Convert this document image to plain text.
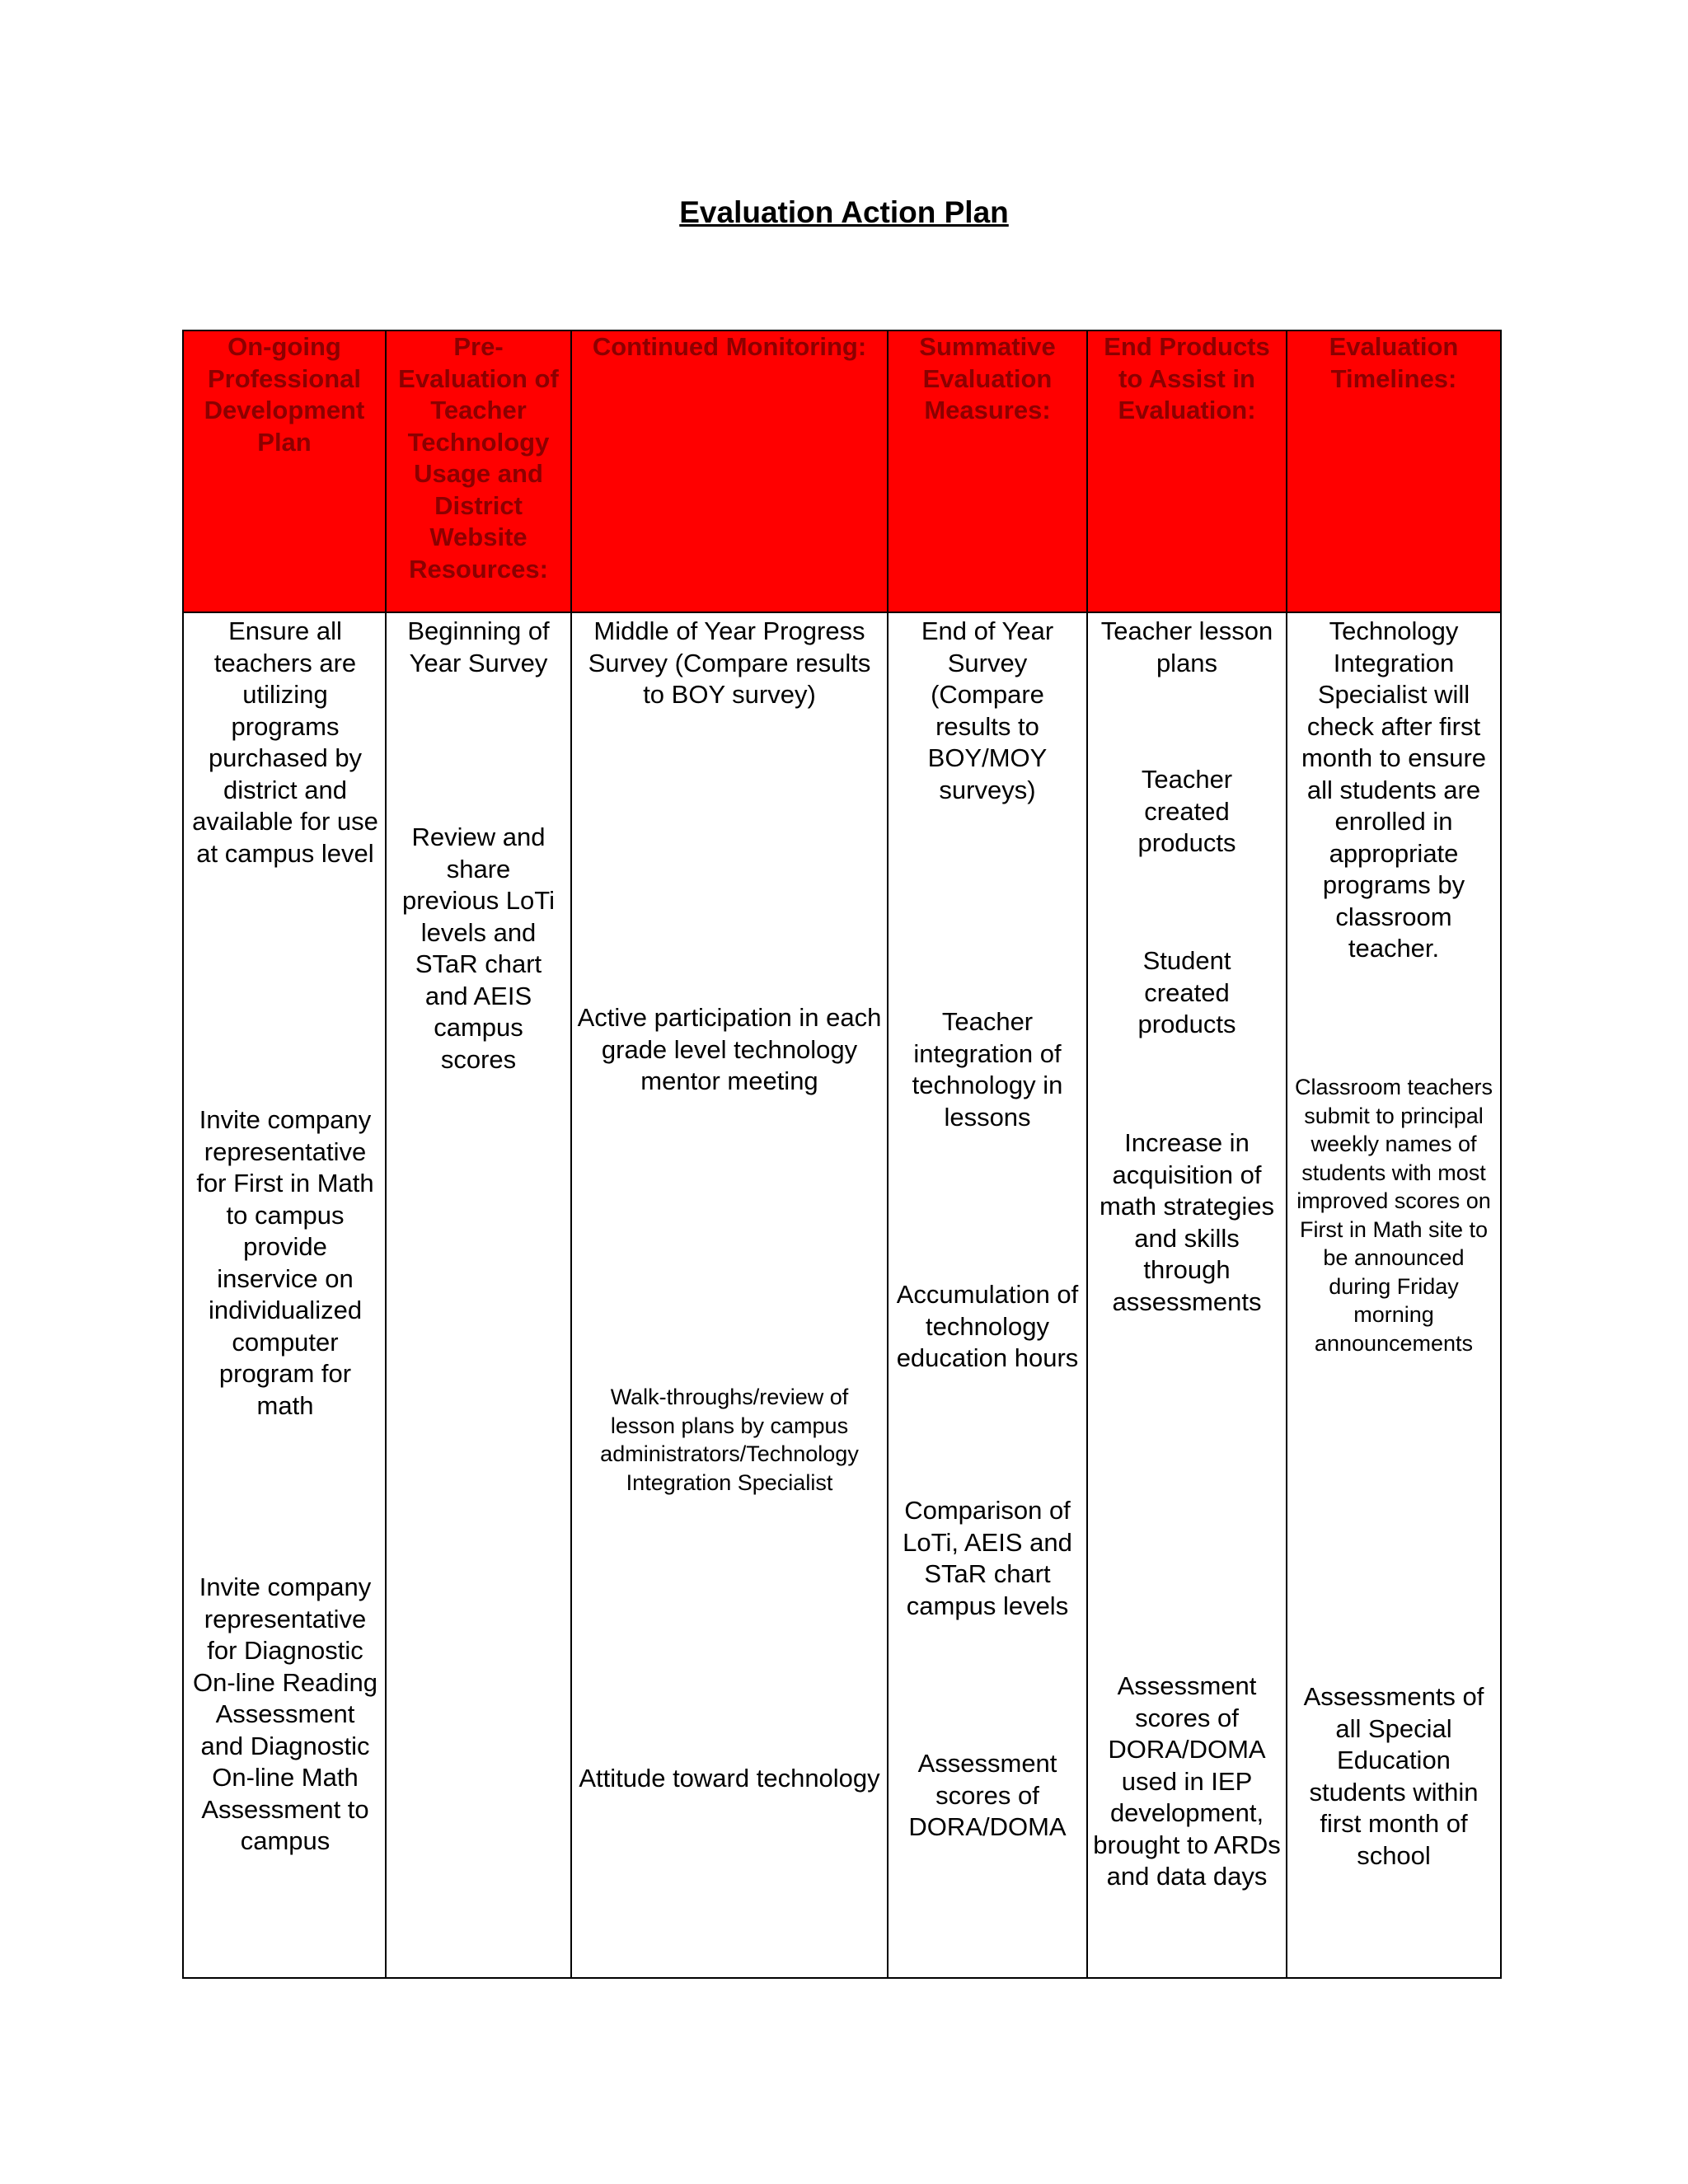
Evaluation Action Plan
On-going Professional Development Plan
Pre-Evaluation of Teacher Technology Usage and District Website Resources:
Continued Monitoring:	Summative Evaluation Measures:
End Products to Assist in Evaluation:
Evaluation Timelines:
Ensure all teachers are utilizing programs purchased by district and available for use at campus level
Invite company representative for First in Math to campus provide inservice on individualized computer program for math
Invite company representative for Diagnostic On-line Reading Assessment and Diagnostic On-line Math Assessment to campus
Beginning of Year Survey
Review and share previous LoTi levels and STaR chart and AEIS campus scores
Middle of Year Progress Survey (Compare results to BOY survey)
Active participation in each grade level technology mentor meeting
Walk-throughs/review of lesson plans by campus administrators/Technology Integration Specialist
Attitude toward technology
End of Year Survey (Compare results to BOY/MOY surveys)
Teacher integration of technology in lessons
Accumulation of technology education hours
Comparison of LoTi, AEIS and STaR chart campus levels
Assessment scores of DORA/DOMA
Teacher lesson plans
Teacher created products
Student created products
Increase in acquisition of math strategies and skills through assessments
Assessment scores of DORA/DOMA used in IEP development, brought to ARDs and data days
Technology Integration Specialist will check after first month to ensure all students are enrolled in appropriate programs by classroom teacher.
Classroom teachers submit to principal weekly names of students with most improved scores on First in Math site to be announced during Friday morning announcements
Assessments of all Special Education students within first month of school
